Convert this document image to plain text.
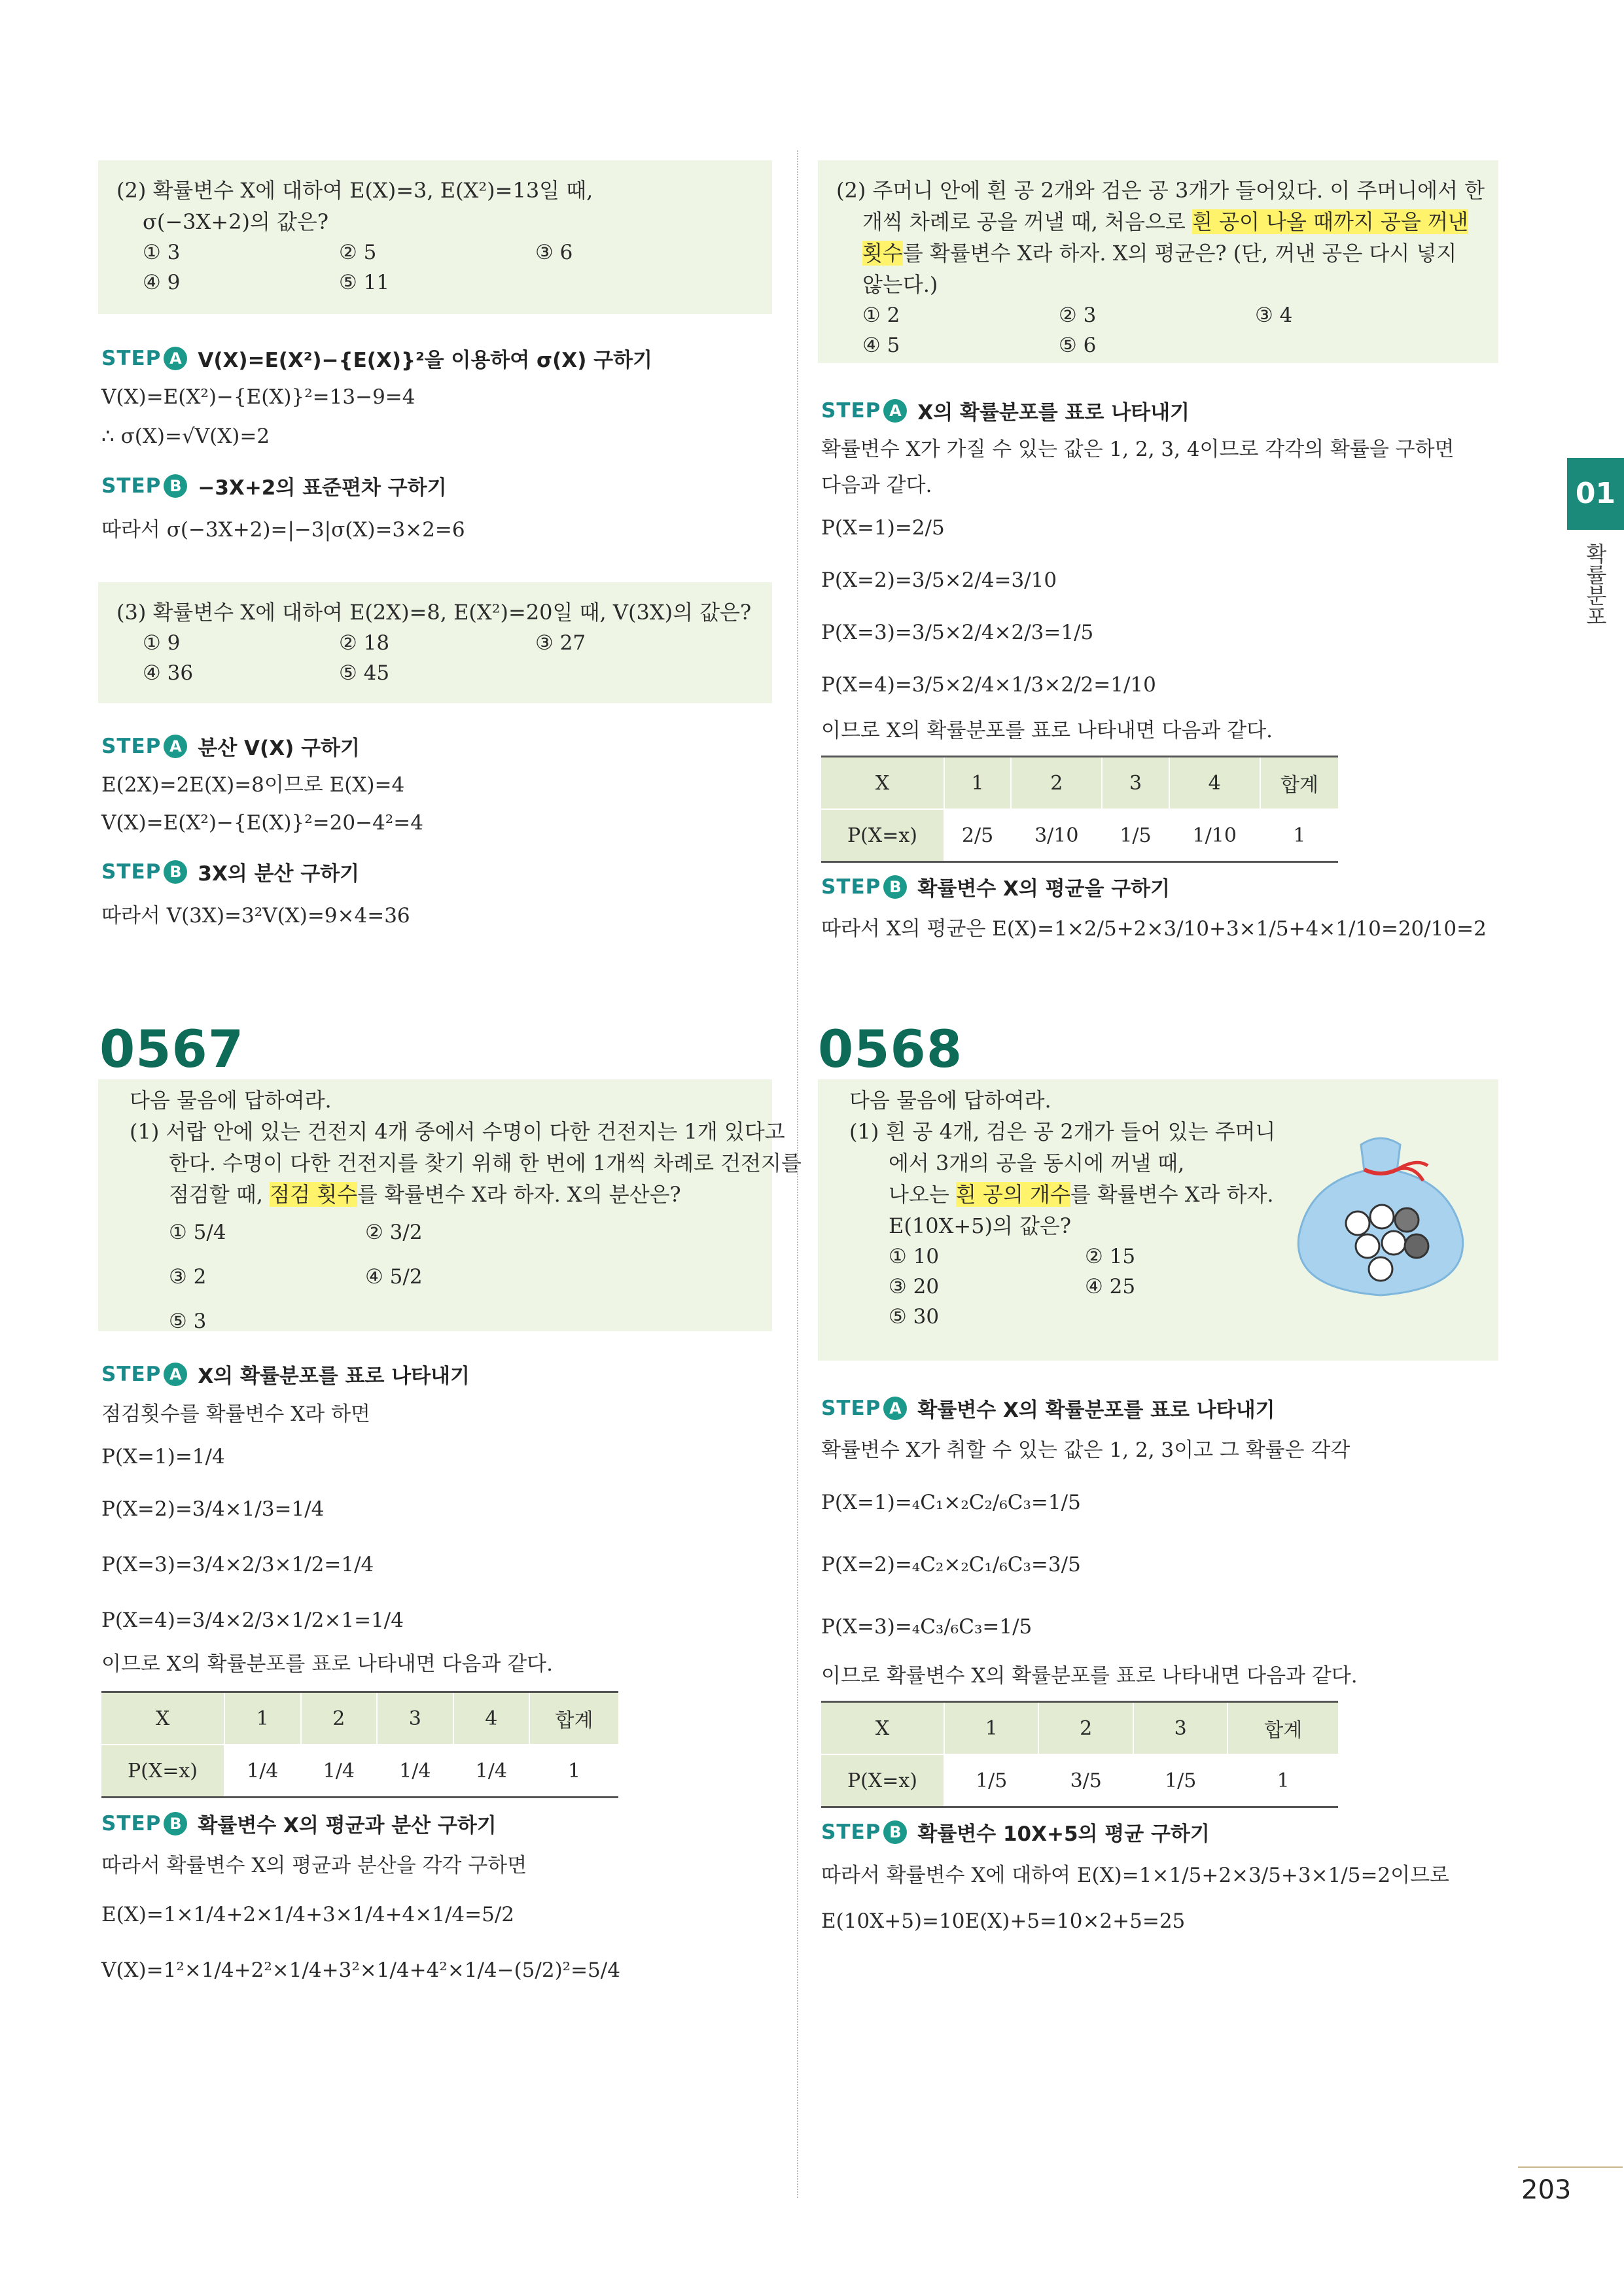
(2) 확률변수 X에 대하여 E(X)=3, E(X²)=13일 때,
σ(−3X+2)의 값은?
① 3	② 5	③ 6
④ 9	⑤ 11
STEP A V(X)=E(X²)−{E(X)}²을 이용하여 σ(X) 구하기
V(X)=E(X²)−{E(X)}²=13−9=4
∴ σ(X)=√V(X)=2
STEP B −3X+2의 표준편차 구하기
따라서 σ(−3X+2)=|−3|σ(X)=3×2=6
(3) 확률변수 X에 대하여 E(2X)=8, E(X²)=20일 때, V(3X)의 값은?
① 9	② 18	③ 27
④ 36	⑤ 45
STEP A 분산 V(X) 구하기
E(2X)=2E(X)=8이므로 E(X)=4
V(X)=E(X²)−{E(X)}²=20−4²=4
STEP B 3X의 분산 구하기
따라서 V(3X)=3²V(X)=9×4=36
0567
다음 물음에 답하여라.
(1) 서랍 안에 있는 건전지 4개 중에서 수명이 다한 건전지는 1개 있다고
한다. 수명이 다한 건전지를 찾기 위해 한 번에 1개씩 차례로 건전지를
점검할 때, 점검 횟수를 확률변수 X라 하자. X의 분산은?
① 5/4	② 3/2
③ 2	④ 5/2
⑤ 3
STEP A X의 확률분포를 표로 나타내기
점검횟수를 확률변수 X라 하면
P(X=1)=1/4
P(X=2)=3/4×1/3=1/4
P(X=3)=3/4×2/3×1/2=1/4
P(X=4)=3/4×2/3×1/2×1=1/4
이므로 X의 확률분포를 표로 나타내면 다음과 같다.
X	1	2	3	4	합계
P(X=x)	1/4	1/4	1/4	1/4	1
STEP B 확률변수 X의 평균과 분산 구하기
따라서 확률변수 X의 평균과 분산을 각각 구하면
E(X)=1×1/4+2×1/4+3×1/4+4×1/4=5/2
V(X)=1²×1/4+2²×1/4+3²×1/4+4²×1/4−(5/2)²=5/4
(2) 주머니 안에 흰 공 2개와 검은 공 3개가 들어있다. 이 주머니에서 한
개씩 차례로 공을 꺼낼 때, 처음으로 흰 공이 나올 때까지 공을 꺼낸
횟수를 확률변수 X라 하자. X의 평균은? (단, 꺼낸 공은 다시 넣지
않는다.)
① 2	② 3	③ 4
④ 5	⑤ 6
STEP A X의 확률분포를 표로 나타내기
확률변수 X가 가질 수 있는 값은 1, 2, 3, 4이므로 각각의 확률을 구하면
다음과 같다.
P(X=1)=2/5
P(X=2)=3/5×2/4=3/10
P(X=3)=3/5×2/4×2/3=1/5
P(X=4)=3/5×2/4×1/3×2/2=1/10
이므로 X의 확률분포를 표로 나타내면 다음과 같다.
X	1	2	3	4	합계
P(X=x)	2/5	3/10	1/5	1/10	1
STEP B 확률변수 X의 평균을 구하기
따라서 X의 평균은 E(X)=1×2/5+2×3/10+3×1/5+4×1/10=20/10=2
0568
다음 물음에 답하여라.
(1) 흰 공 4개, 검은 공 2개가 들어 있는 주머니
에서 3개의 공을 동시에 꺼낼 때,
나오는 흰 공의 개수를 확률변수 X라 하자.
E(10X+5)의 값은?
① 10	② 15
③ 20	④ 25
⑤ 30
STEP A 확률변수 X의 확률분포를 표로 나타내기
확률변수 X가 취할 수 있는 값은 1, 2, 3이고 그 확률은 각각
P(X=1)=₄C₁×₂C₂/₆C₃=1/5
P(X=2)=₄C₂×₂C₁/₆C₃=3/5
P(X=3)=₄C₃/₆C₃=1/5
이므로 확률변수 X의 확률분포를 표로 나타내면 다음과 같다.
X	1	2	3	합계
P(X=x)	1/5	3/5	1/5	1
STEP B 확률변수 10X+5의 평균 구하기
따라서 확률변수 X에 대하여 E(X)=1×1/5+2×3/5+3×1/5=2이므로
E(10X+5)=10E(X)+5=10×2+5=25
01
확률분포
203
